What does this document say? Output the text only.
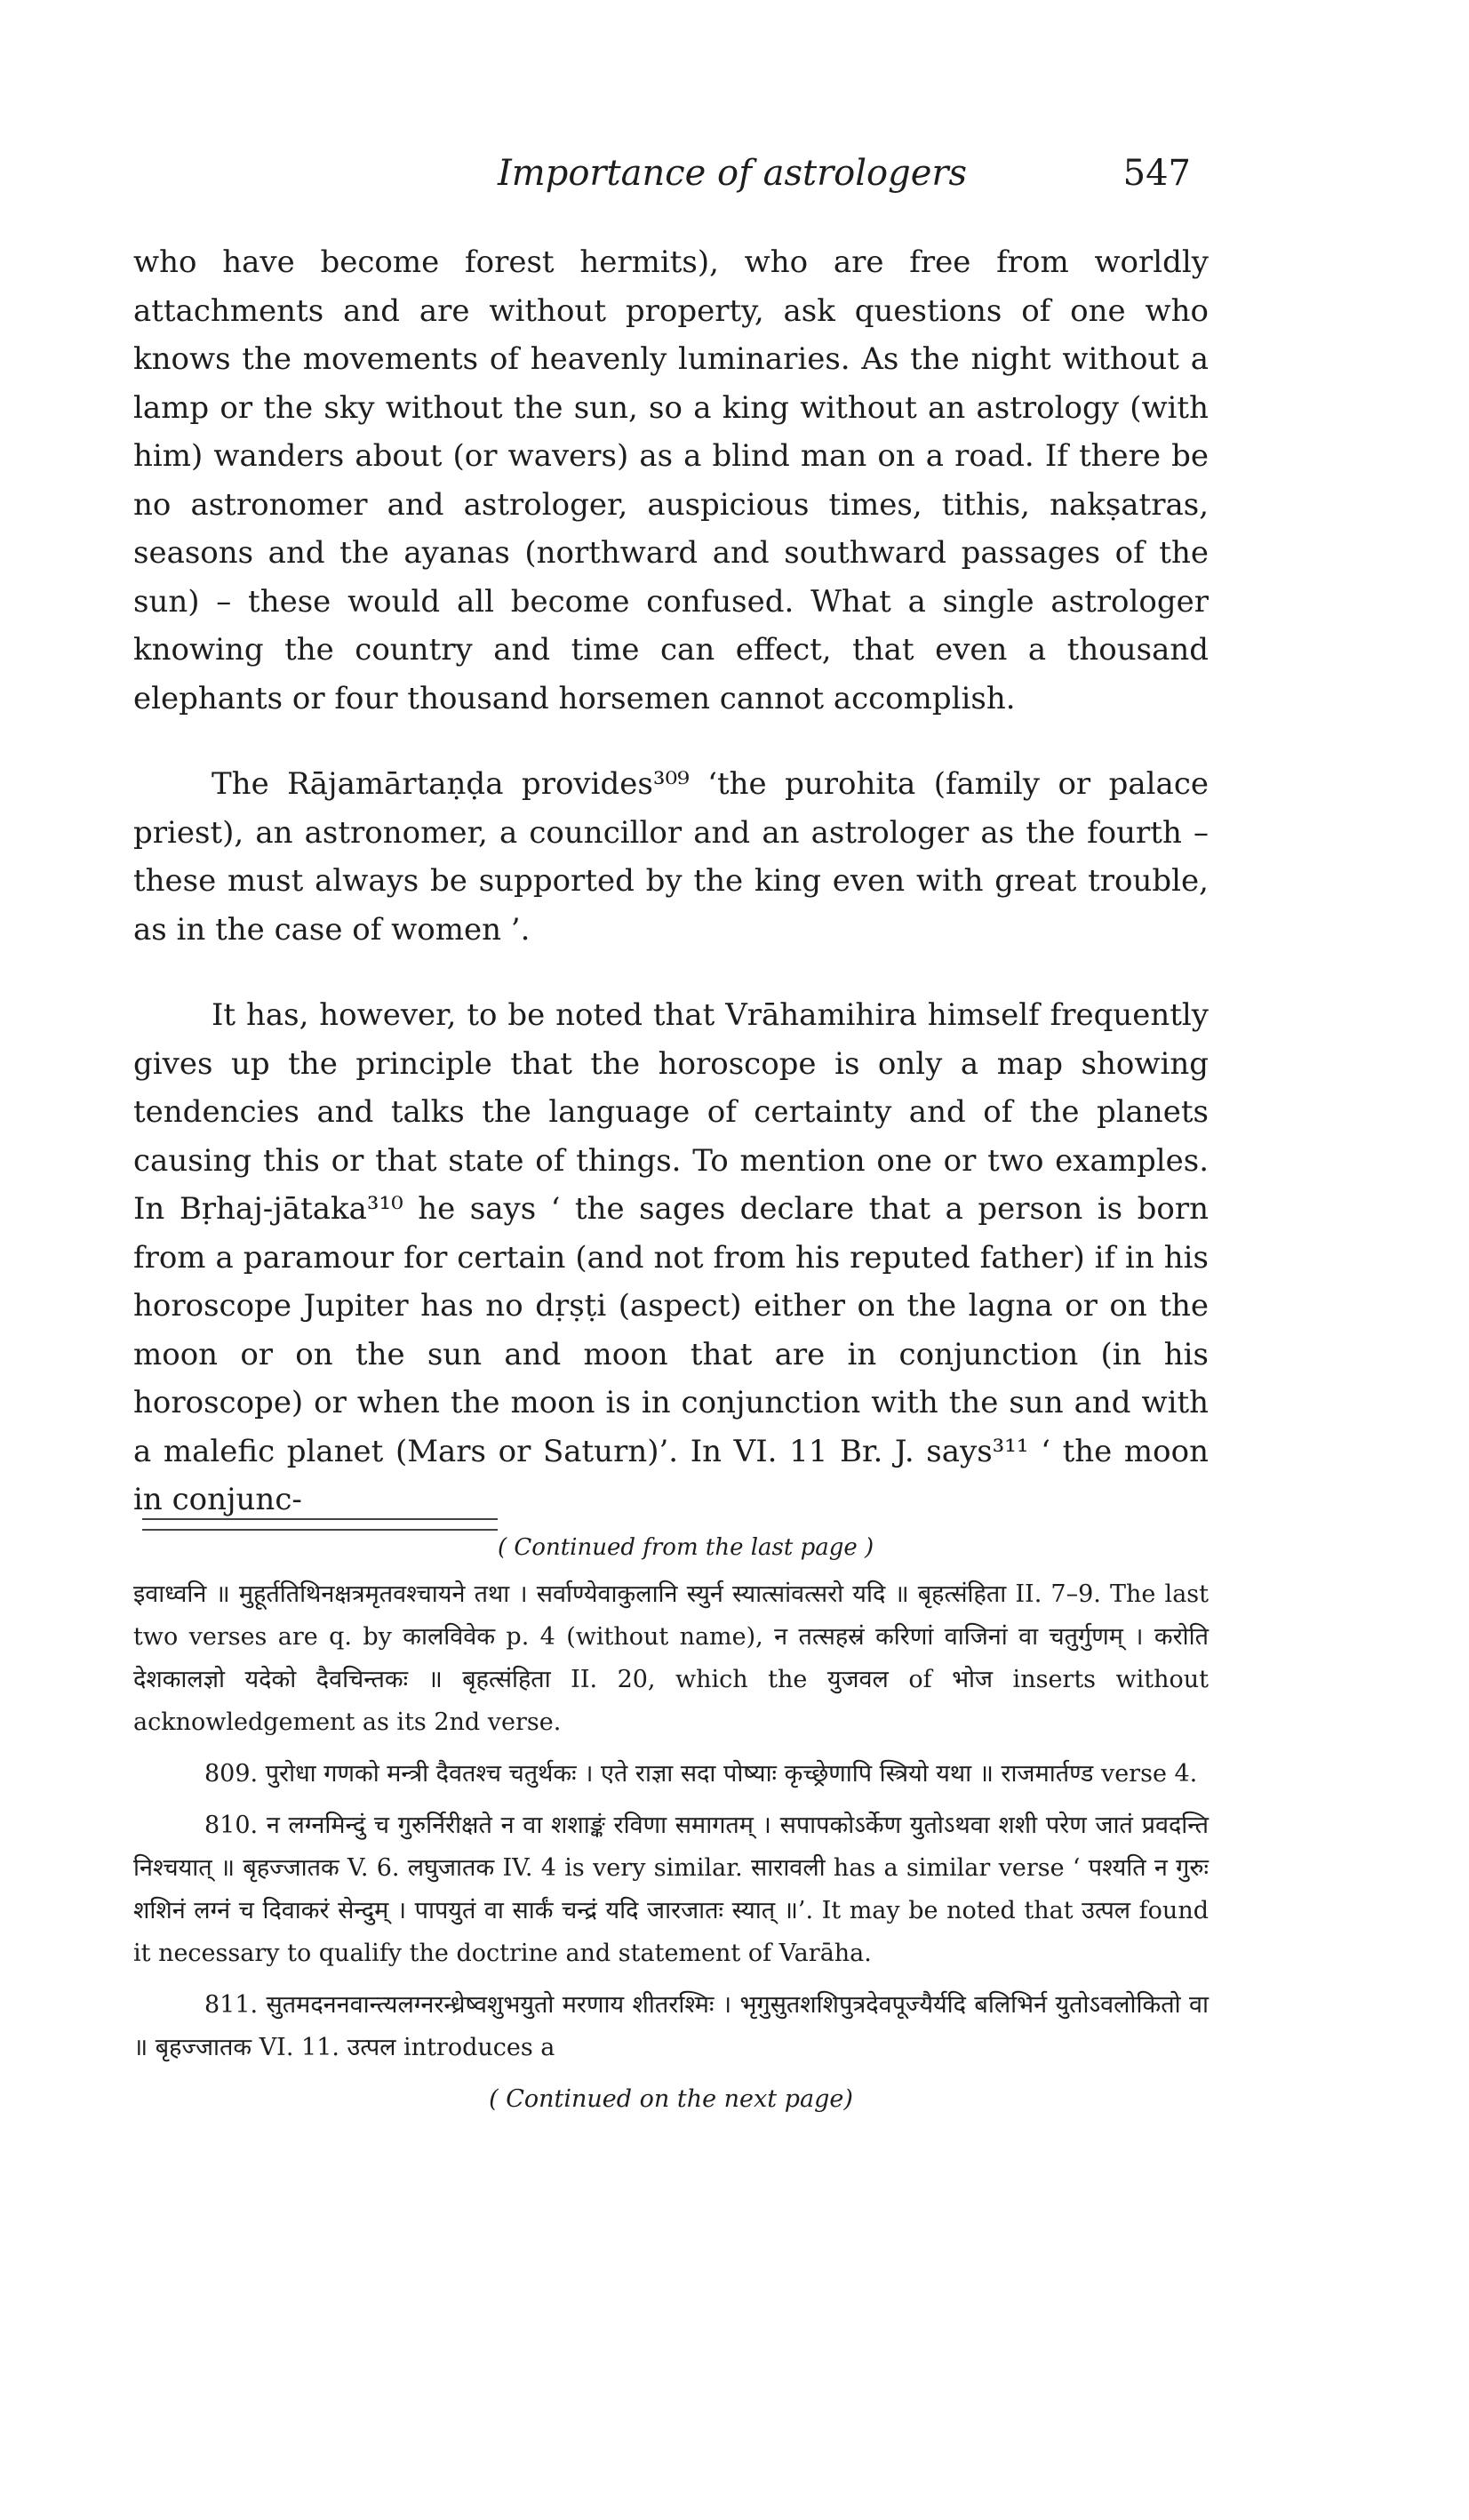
Importance of astrologers	547

who have become forest hermits), who are free from worldly attachments and are without property, ask questions of one who knows the movements of heavenly luminaries. As the night without a lamp or the sky without the sun, so a king without an astrology (with him) wanders about (or wavers) as a blind man on a road. If there be no astronomer and astrologer, auspicious times, tithis, nakṣatras, seasons and the ayanas (northward and southward passages of the sun) – these would all become confused. What a single astrologer knowing the country and time can effect, that even a thousand elephants or four thousand horsemen cannot accomplish.

The Rājamārtaṇḍa provides³⁰⁹ ‘the purohita (family or palace priest), an astronomer, a councillor and an astrologer as the fourth – these must always be supported by the king even with great trouble, as in the case of women ’.

It has, however, to be noted that Vrāhamihira himself frequently gives up the principle that the horoscope is only a map showing tendencies and talks the language of certainty and of the planets causing this or that state of things. To mention one or two examples. In Bṛhaj-jātaka³¹⁰ he says ‘ the sages declare that a person is born from a paramour for certain (and not from his reputed father) if in his horoscope Jupiter has no dṛṣṭi (aspect) either on the lagna or on the moon or on the sun and moon that are in conjunction (in his horoscope) or when the moon is in conjunction with the sun and with a malefic planet (Mars or Saturn)’. In VI. 11 Br. J. says³¹¹ ‘ the moon in conjunc-

( Continued from the last page )

इवाध्वनि ॥ मुहूर्ततिथिनक्षत्रमृतवश्चायने तथा । सर्वाण्येवाकुलानि स्युर्न स्यात्सांवत्सरो यदि ॥ बृहत्संहिता II. 7–9. The last two verses are q. by कालविवेक p. 4 (without name), न तत्सहस्रं करिणां वाजिनां वा चतुर्गुणम् । करोति देशकालज्ञो यदेको दैवचिन्तकः ॥ बृहत्संहिता II. 20, which the युजवल of भोज inserts without acknowledgement as its 2nd verse.

809. पुरोधा गणको मन्त्री दैवतश्च चतुर्थकः । एते राज्ञा सदा पोष्याः कृच्छ्रेणापि स्त्रियो यथा ॥ राजमार्तण्ड verse 4.

810. न लग्नमिन्दुं च गुरुर्निरीक्षते न वा शशाङ्कं रविणा समागतम् । सपापकोऽर्केण युतोऽथवा शशी परेण जातं प्रवदन्ति निश्चयात् ॥ बृहज्जातक V. 6. लघुजातक IV. 4 is very similar. सारावली has a similar verse ‘ पश्यति न गुरुः शशिनं लग्नं च दिवाकरं सेन्दुम् । पापयुतं वा सार्कं चन्द्रं यदि जारजातः स्यात् ॥’. It may be noted that उत्पल found it necessary to qualify the doctrine and statement of Varāha.

811. सुतमदननवान्त्यलग्नरन्ध्रेष्वशुभयुतो मरणाय शीतरश्मिः । भृगुसुतशशिपुत्रदेवपूज्यैर्यदि बलिभिर्न युतोऽवलोकितो वा ॥ बृहज्जातक VI. 11. उत्पल introduces a

( Continued on the next page)
